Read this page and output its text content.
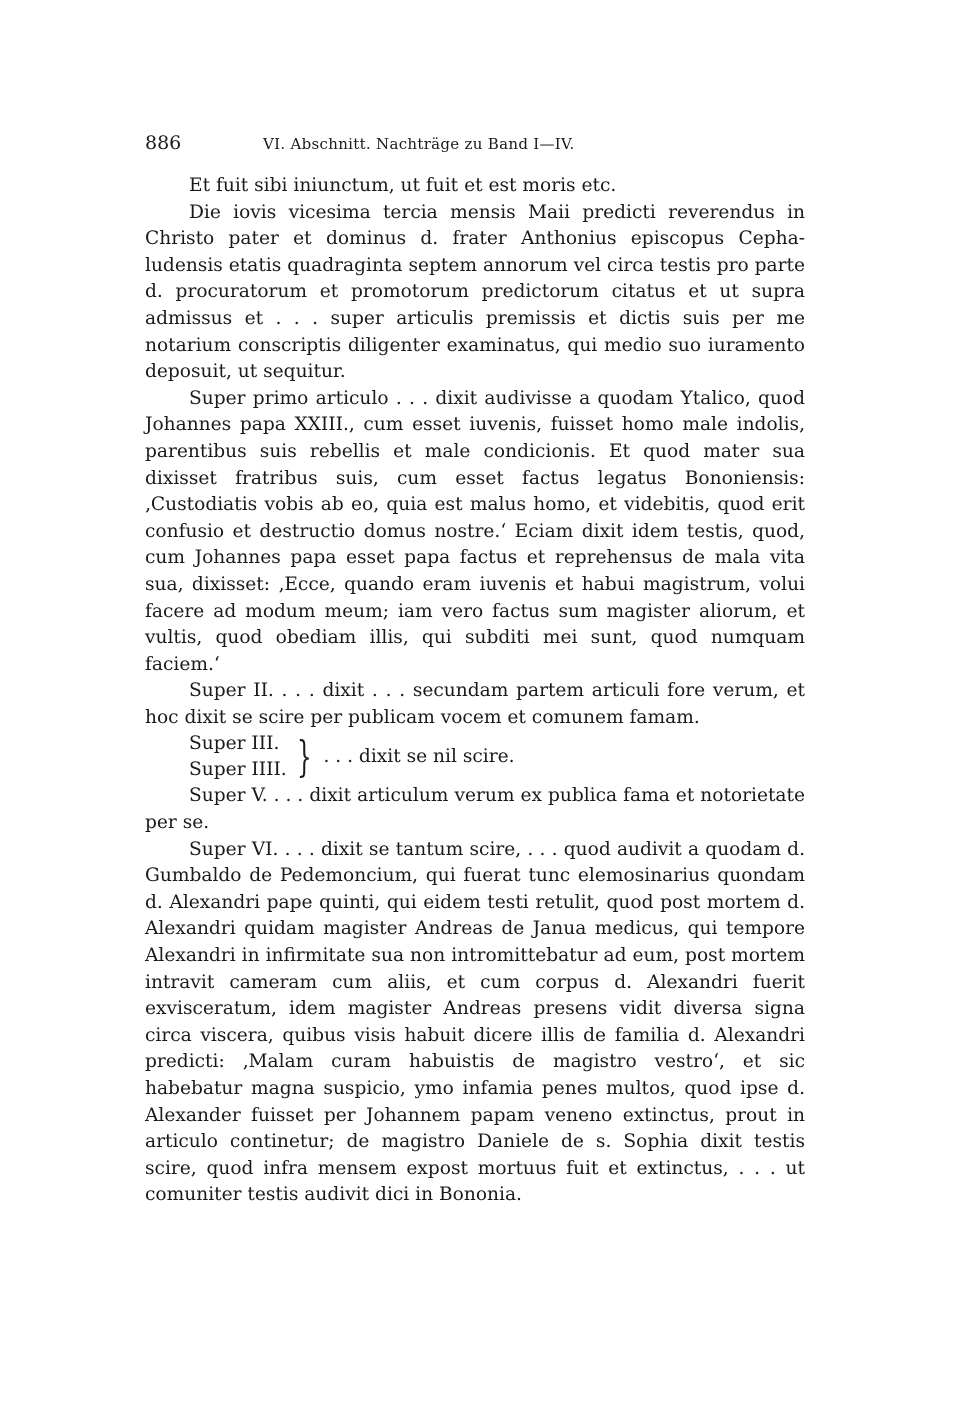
886	VI. Abschnitt. Nachträge zu Band I—IV.

Et fuit sibi iniunctum, ut fuit et est moris etc.

Die iovis vicesima tercia mensis Maii predicti reverendus in Christo pater et dominus d. frater Anthonius episcopus Cephaludensis etatis quadraginta septem annorum vel circa testis pro parte d. procuratorum et promotorum predictorum citatus et ut supra admissus et . . . super articulis premissis et dictis suis per me notarium conscriptis diligenter examinatus, qui medio suo iuramento deposuit, ut sequitur.

Super primo articulo . . . dixit audivisse a quodam Ytalico, quod Johannes papa XXIII., cum esset iuvenis, fuisset homo male indolis, parentibus suis rebellis et male condicionis. Et quod mater sua dixisset fratribus suis, cum esset factus legatus Bononiensis: ‚Custodiatis vobis ab eo, quia est malus homo, et videbitis, quod erit confusio et destructio domus nostre.‘ Eciam dixit idem testis, quod, cum Johannes papa esset papa factus et reprehensus de mala vita sua, dixisset: ‚Ecce, quando eram iuvenis et habui magistrum, volui facere ad modum meum; iam vero factus sum magister aliorum, et vultis, quod obediam illis, qui subditi mei sunt, quod numquam faciem.‘

Super II. . . . dixit . . . secundam partem articuli fore verum, et hoc dixit se scire per publicam vocem et comunem famam.

Super III.
Super IIII. } . . . dixit se nil scire.

Super V. . . . dixit articulum verum ex publica fama et notorietate per se.

Super VI. . . . dixit se tantum scire, . . . quod audivit a quodam d. Gumbaldo de Pedemoncium, qui fuerat tunc elemosinarius quondam d. Alexandri pape quinti, qui eidem testi retulit, quod post mortem d. Alexandri quidam magister Andreas de Janua medicus, qui tempore Alexandri in infirmitate sua non intromittebatur ad eum, post mortem intravit cameram cum aliis, et cum corpus d. Alexandri fuerit exvisceratum, idem magister Andreas presens vidit diversa signa circa viscera, quibus visis habuit dicere illis de familia d. Alexandri predicti: ‚Malam curam habuistis de magistro vestro‘, et sic habebatur magna suspicio, ymo infamia penes multos, quod ipse d. Alexander fuisset per Johannem papam veneno extinctus, prout in articulo continetur; de magistro Daniele de s. Sophia dixit testis scire, quod infra mensem expost mortuus fuit et extinctus, . . . ut comuniter testis audivit dici in Bononia.
